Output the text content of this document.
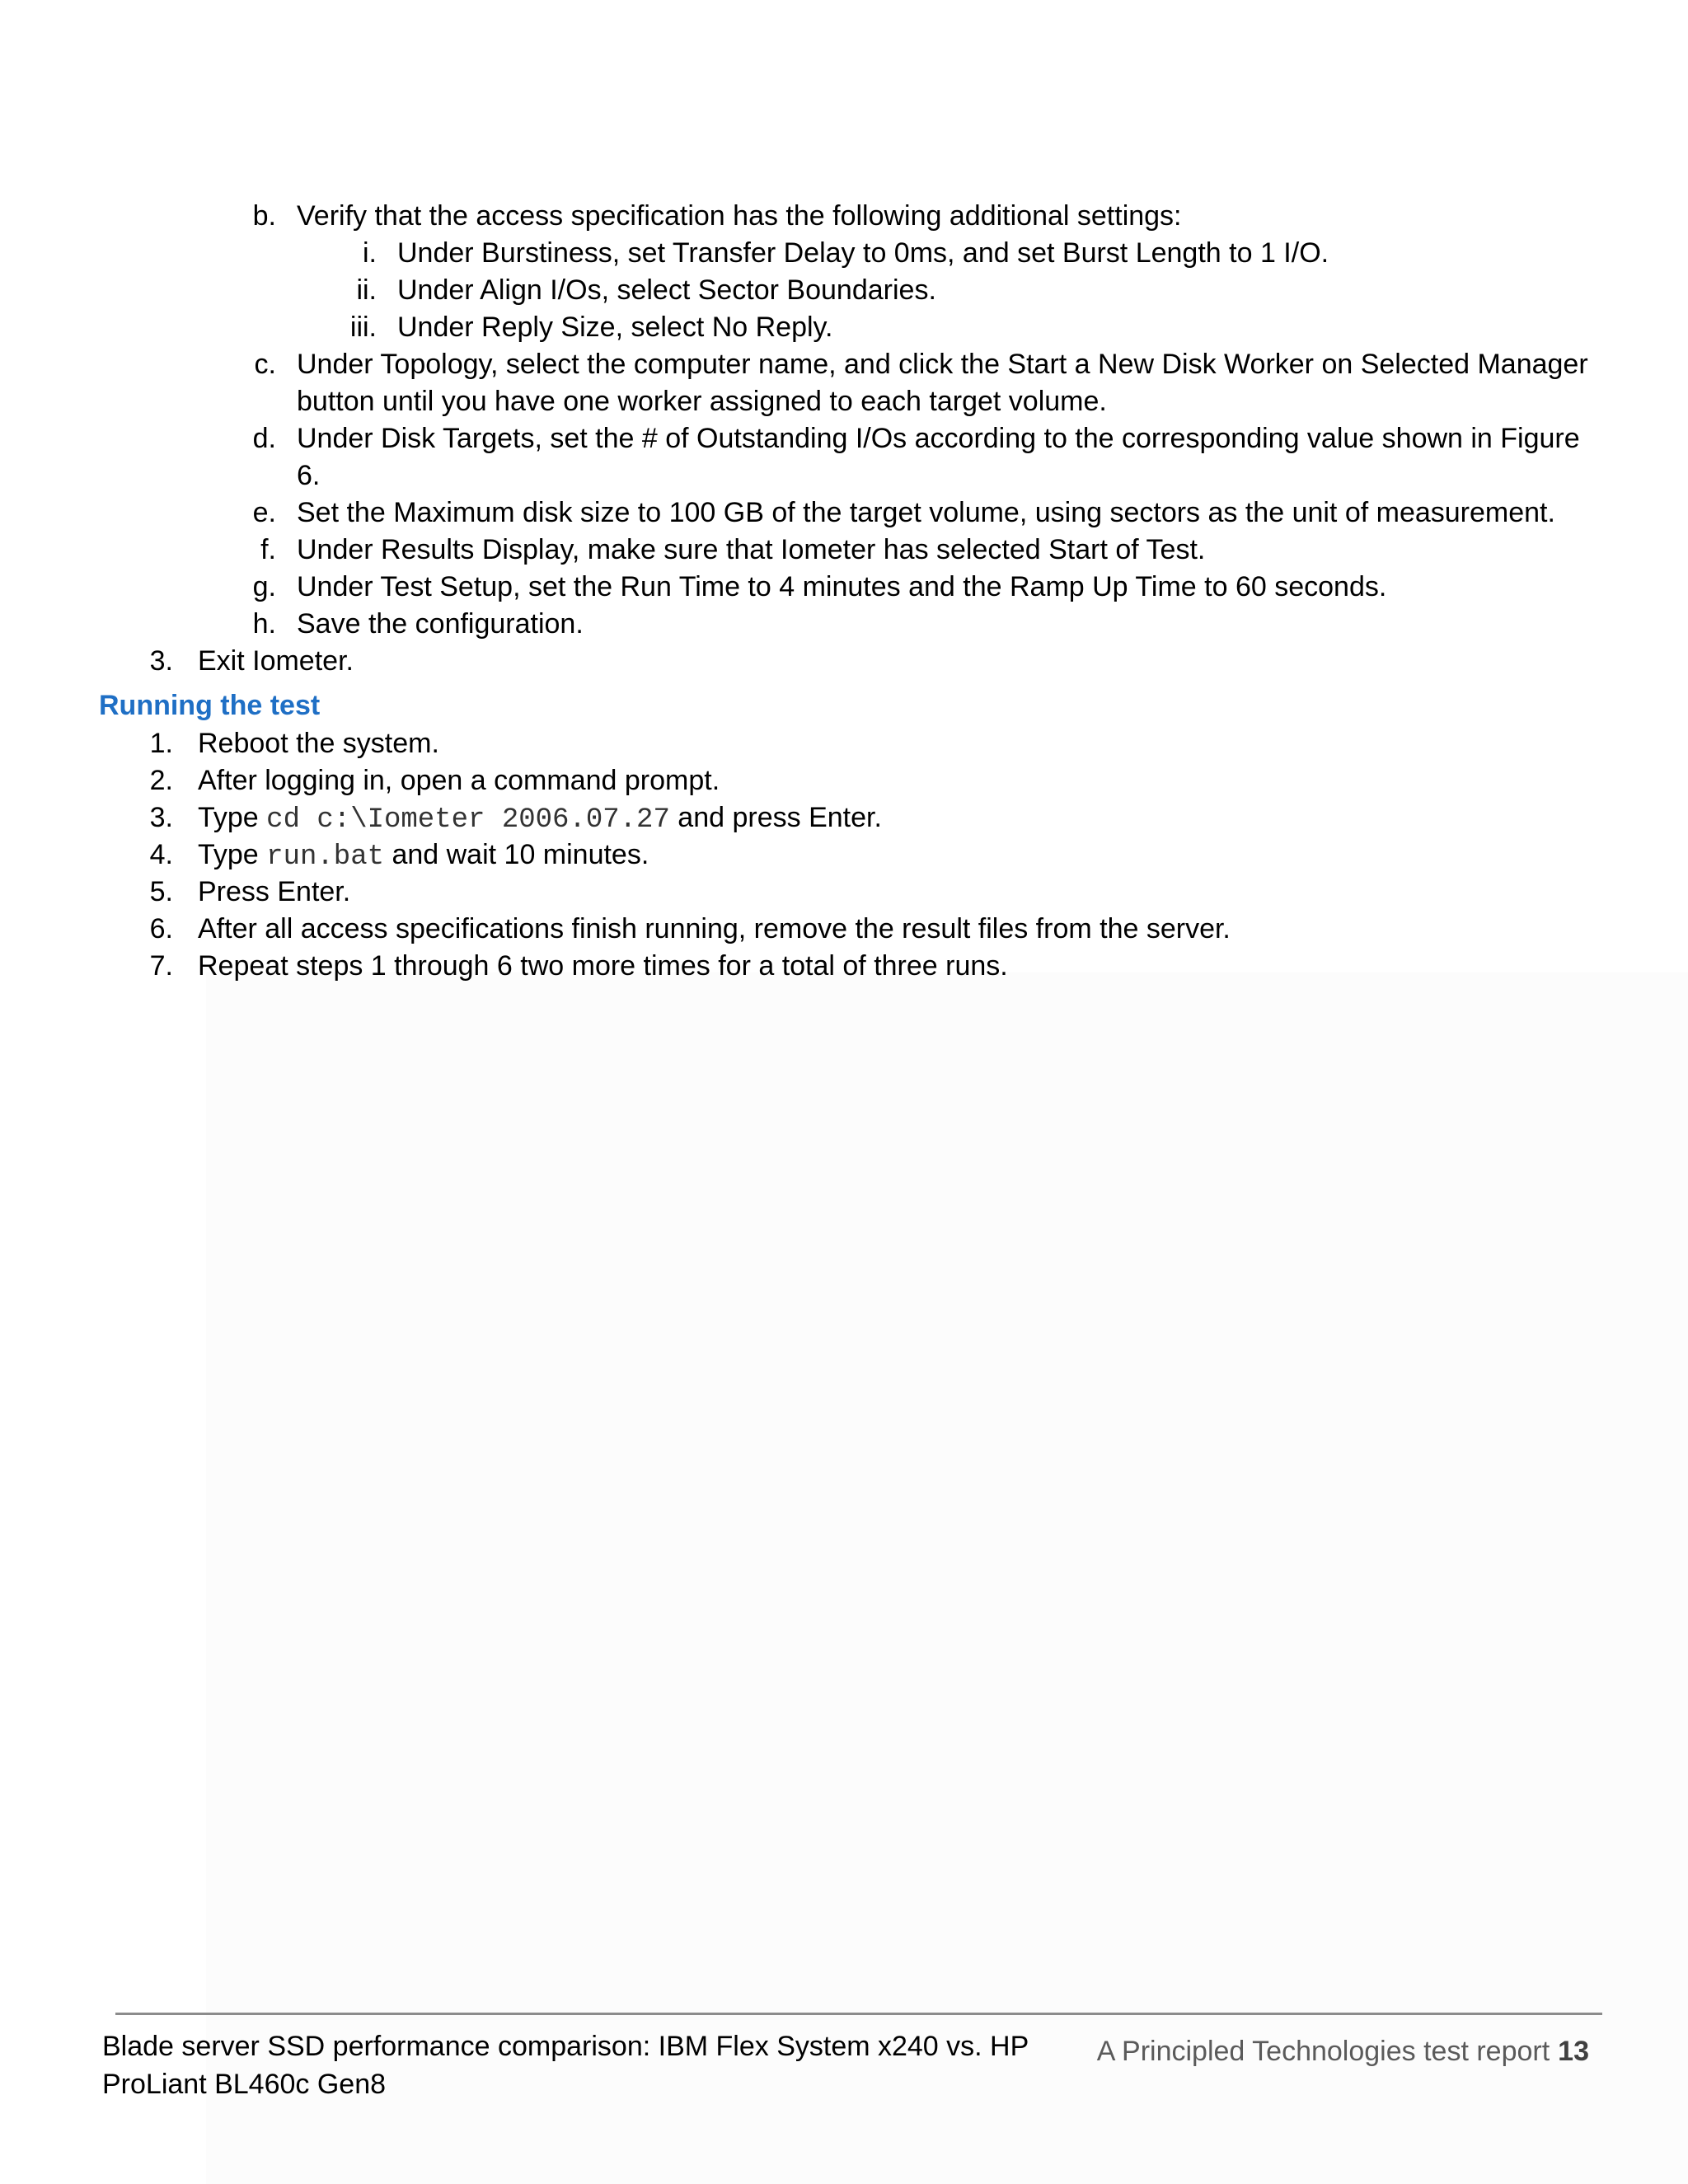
b. Verify that the access specification has the following additional settings:
i. Under Burstiness, set Transfer Delay to 0ms, and set Burst Length to 1 I/O.
ii. Under Align I/Os, select Sector Boundaries.
iii. Under Reply Size, select No Reply.
c. Under Topology, select the computer name, and click the Start a New Disk Worker on Selected Manager
button until you have one worker assigned to each target volume.
d. Under Disk Targets, set the # of Outstanding I/Os according to the corresponding value shown in Figure
6.
e. Set the Maximum disk size to 100 GB of the target volume, using sectors as the unit of measurement.
f. Under Results Display, make sure that Iometer has selected Start of Test.
g. Under Test Setup, set the Run Time to 4 minutes and the Ramp Up Time to 60 seconds.
h. Save the configuration.
3. Exit Iometer.
Running the test
1. Reboot the system.
2. After logging in, open a command prompt.
3. Type cd c:\Iometer 2006.07.27 and press Enter.
4. Type run.bat and wait 10 minutes.
5. Press Enter.
6. After all access specifications finish running, remove the result files from the server.
7. Repeat steps 1 through 6 two more times for a total of three runs.
Blade server SSD performance comparison: IBM Flex System x240 vs. HP
ProLiant BL460c Gen8
A Principled Technologies test report 13
